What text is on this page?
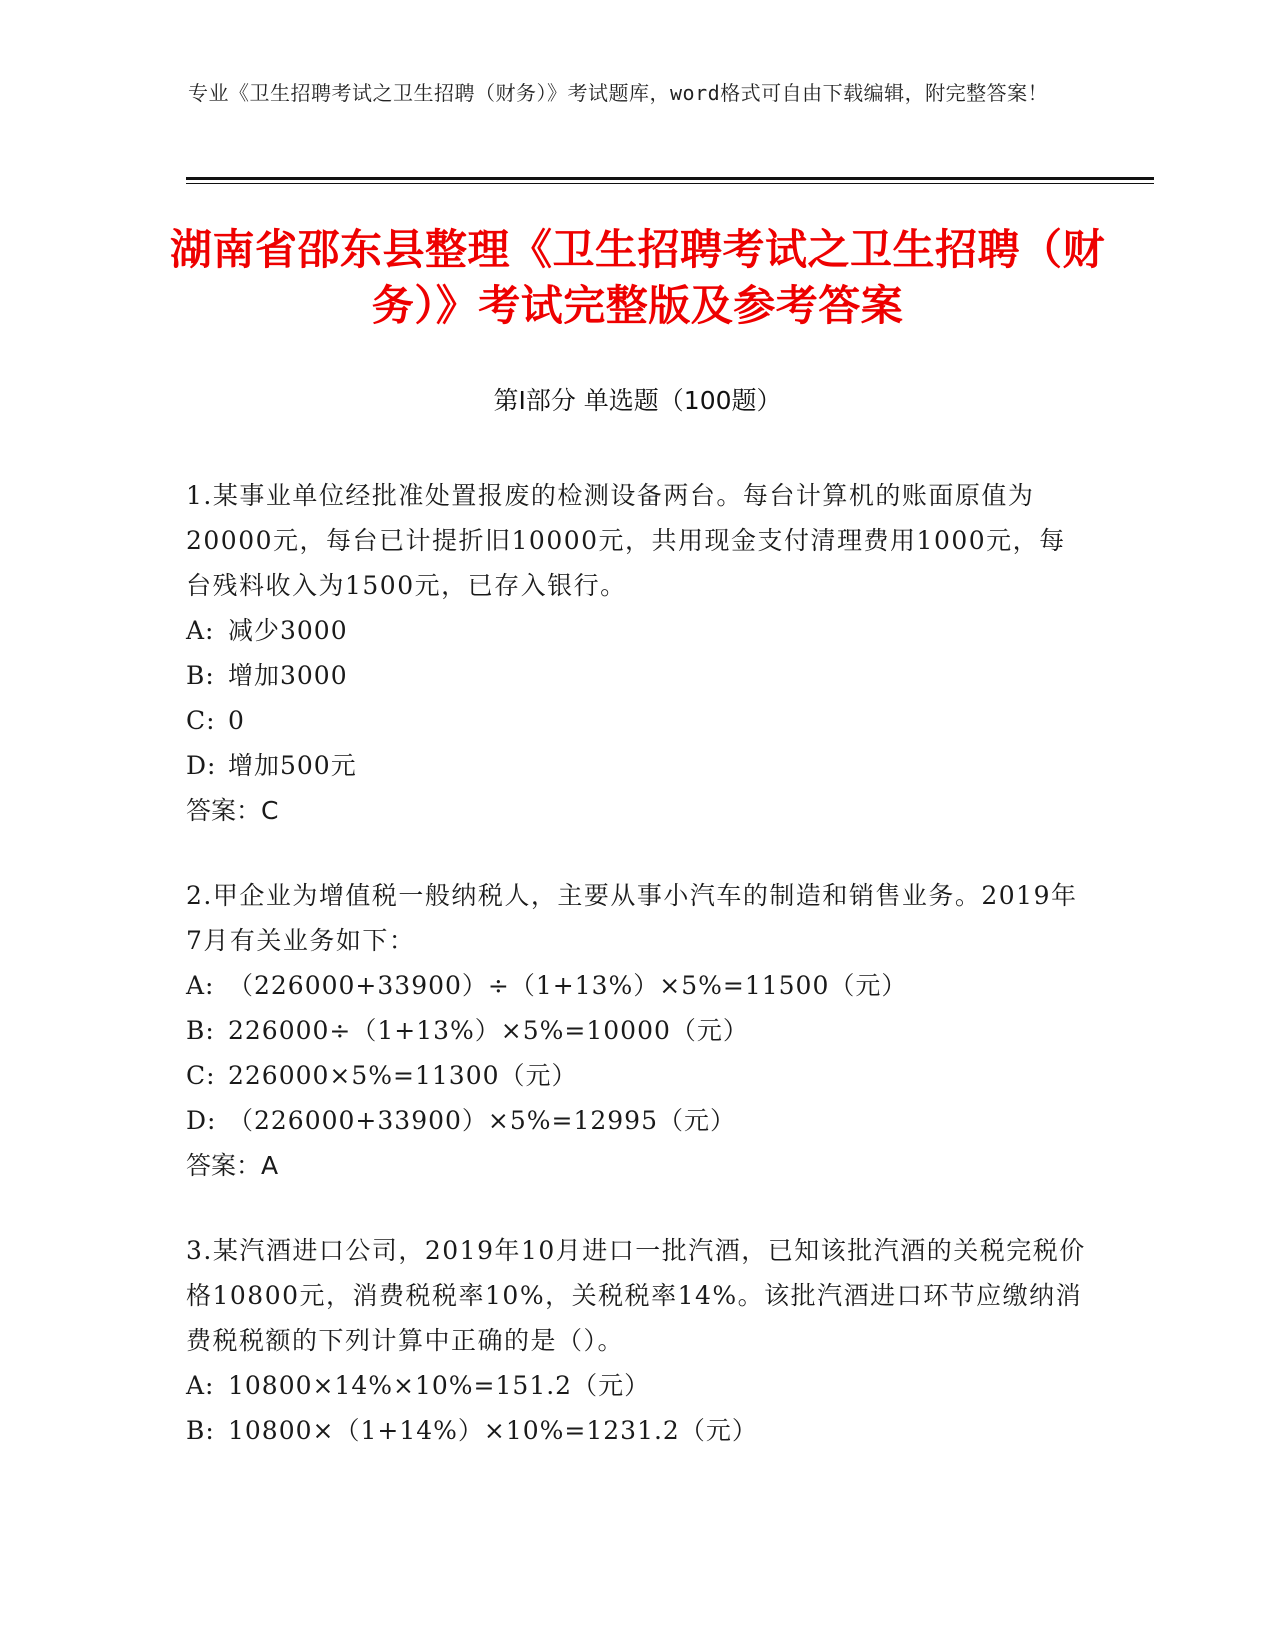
专业《卫生招聘考试之卫生招聘（财务）》考试题库，word格式可自由下载编辑，附完整答案！
湖南省邵东县整理《卫生招聘考试之卫生招聘（财务）》考试完整版及参考答案
第Ⅰ部分 单选题（100题）

1.某事业单位经批准处置报废的检测设备两台。每台计算机的账面原值为20000元，每台已计提折旧10000元，共用现金支付清理费用1000元，每台残料收入为1500元，已存入银行。

A: 减少3000

B: 增加3000

C: 0

D: 增加500元

答案：C

2.甲企业为增值税一般纳税人，主要从事小汽车的制造和销售业务。2019年7月有关业务如下：

A: （226000+33900）÷（1+13%）×5%=11500（元）

B: 226000÷（1+13%）×5%=10000（元）

C: 226000×5%=11300（元）

D: （226000+33900）×5%=12995（元）

答案：A

3.某汽酒进口公司，2019年10月进口一批汽酒，已知该批汽酒的关税完税价格10800元，消费税税率10%，关税税率14%。该批汽酒进口环节应缴纳消费税税额的下列计算中正确的是（）。

A: 10800×14%×10%=151.2（元）

B: 10800×（1+14%）×10%=1231.2（元）
